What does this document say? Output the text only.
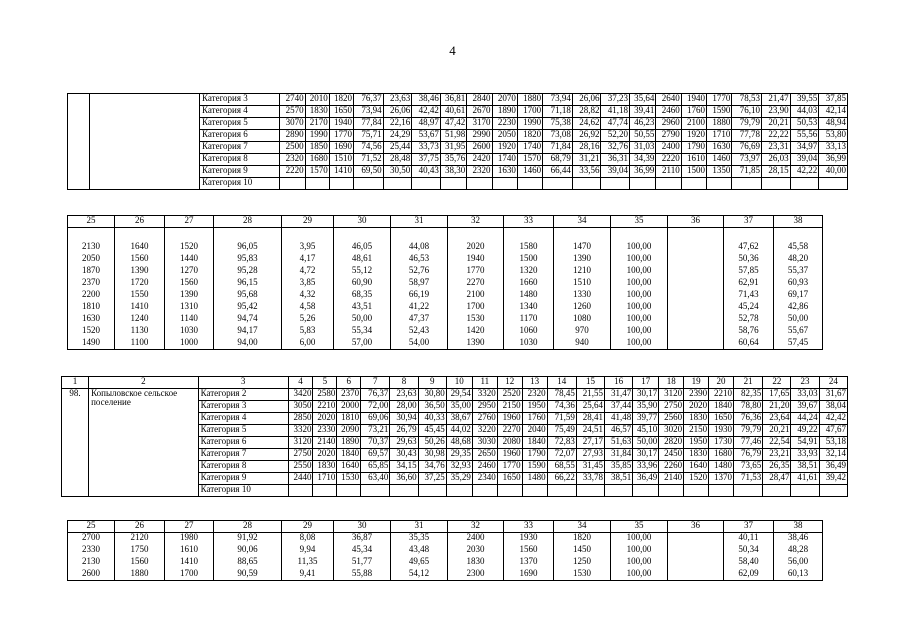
4
		Категория 3	2740	2010	1820	76,37	23,63	38,46	36,81	2840	2070	1880	73,94	26,06	37,23	35,64	2640	1940	1770	78,53	21,47	39,55	37,85
		Категория 4	2570	1830	1650	73,94	26,06	42,42	40,61	2670	1890	1700	71,18	28,82	41,18	39,41	2460	1760	1590	76,10	23,90	44,03	42,14
		Категория 5	3070	2170	1940	77,84	22,16	48,97	47,42	3170	2230	1990	75,38	24,62	47,74	46,23	2960	2100	1880	79,79	20,21	50,53	48,94
		Категория 6	2890	1990	1770	75,71	24,29	53,67	51,98	2990	2050	1820	73,08	26,92	52,20	50,55	2790	1920	1710	77,78	22,22	55,56	53,80
		Категория 7	2500	1850	1690	74,56	25,44	33,73	31,95	2600	1920	1740	71,84	28,16	32,76	31,03	2400	1790	1630	76,69	23,31	34,97	33,13
		Категория 8	2320	1680	1510	71,52	28,48	37,75	35,76	2420	1740	1570	68,79	31,21	36,31	34,39	2220	1610	1460	73,97	26,03	39,04	36,99
		Категория 9	2220	1570	1410	69,50	30,50	40,43	38,30	2320	1630	1460	66,44	33,56	39,04	36,99	2110	1500	1350	71,85	28,15	42,22	40,00
		Категория 10																					
25	26	27	28	29	30	31	32	33	34	35	36	37	38

2130	1640	1520	96,05	3,95	46,05	44,08	2020	1580	1470	100,00		47,62	45,58
2050	1560	1440	95,83	4,17	48,61	46,53	1940	1500	1390	100,00		50,36	48,20
1870	1390	1270	95,28	4,72	55,12	52,76	1770	1320	1210	100,00		57,85	55,37
2370	1720	1560	96,15	3,85	60,90	58,97	2270	1660	1510	100,00		62,91	60,93
2200	1550	1390	95,68	4,32	68,35	66,19	2100	1480	1330	100,00		71,43	69,17
1810	1410	1310	95,42	4,58	43,51	41,22	1700	1340	1260	100,00		45,24	42,86
1630	1240	1140	94,74	5,26	50,00	47,37	1530	1170	1080	100,00		52,78	50,00
1520	1130	1030	94,17	5,83	55,34	52,43	1420	1060	970	100,00		58,76	55,67
1490	1100	1000	94,00	6,00	57,00	54,00	1390	1030	940	100,00		60,64	57,45
1	2	3	4	5	6	7	8	9	10	11	12	13	14	15	16	17	18	19	20	21	22	23	24
98.	Копыловское сельское поселение	Категория 2	3420	2580	2370	76,37	23,63	30,80	29,54	3320	2520	2320	78,45	21,55	31,47	30,17	3120	2390	2210	82,35	17,65	33,03	31,67
		Категория 3	3050	2210	2000	72,00	28,00	36,50	35,00	2950	2150	1950	74,36	25,64	37,44	35,90	2750	2020	1840	78,80	21,20	39,67	38,04
		Категория 4	2850	2020	1810	69,06	30,94	40,33	38,67	2760	1960	1760	71,59	28,41	41,48	39,77	2560	1830	1650	76,36	23,64	44,24	42,42
		Категория 5	3320	2330	2090	73,21	26,79	45,45	44,02	3220	2270	2040	75,49	24,51	46,57	45,10	3020	2150	1930	79,79	20,21	49,22	47,67
		Категория 6	3120	2140	1890	70,37	29,63	50,26	48,68	3030	2080	1840	72,83	27,17	51,63	50,00	2820	1950	1730	77,46	22,54	54,91	53,18
		Категория 7	2750	2020	1840	69,57	30,43	30,98	29,35	2650	1960	1790	72,07	27,93	31,84	30,17	2450	1830	1680	76,79	23,21	33,93	32,14
		Категория 8	2550	1830	1640	65,85	34,15	34,76	32,93	2460	1770	1590	68,55	31,45	35,85	33,96	2260	1640	1480	73,65	26,35	38,51	36,49
		Категория 9	2440	1710	1530	63,40	36,60	37,25	35,29	2340	1650	1480	66,22	33,78	38,51	36,49	2140	1520	1370	71,53	28,47	41,61	39,42
		Категория 10																					
25	26	27	28	29	30	31	32	33	34	35	36	37	38
2700	2120	1980	91,92	8,08	36,87	35,35	2400	1930	1820	100,00		40,11	38,46
2330	1750	1610	90,06	9,94	45,34	43,48	2030	1560	1450	100,00		50,34	48,28
2130	1560	1410	88,65	11,35	51,77	49,65	1830	1370	1250	100,00		58,40	56,00
2600	1880	1700	90,59	9,41	55,88	54,12	2300	1690	1530	100,00		62,09	60,13
